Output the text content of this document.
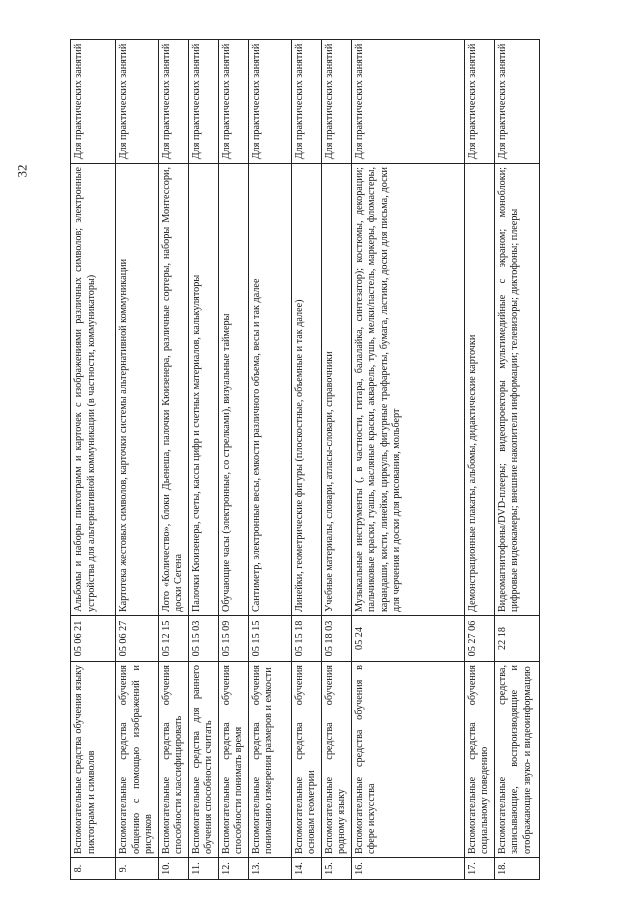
32
8.	Вспомогательные средства обучения языку пиктограмм и символов	05 06 21	Альбомы и наборы пиктограмм и карточек с изображениями различных символов; электронные устройства для альтернативной коммуникации (в частности, коммуникаторы)	Для практических занятий
9.	Вспомогательные средства обучения общению с помощью изображений и рисунков	05 06 27	Картотека жестовых символов, карточки системы альтернативной коммуникации	Для практических занятий
10.	Вспомогательные средства обучения способности классифицировать	05 12 15	Лото «Количество», блоки Дьенеша, палочки Кюизенера, различные сортеры, наборы Монтессори, доски Сегена	Для практических занятий
11.	Вспомогательные средства для раннего обучения способности считать	05 15 03	Палочки Кюизенера, счеты, кассы цифр и счетных материалов, калькуляторы	Для практических занятий
12.	Вспомогательные средства обучения способности понимать время	05 15 09	Обучающие часы (электронные, со стрелками), визуальные таймеры	Для практических занятий
13.	Вспомогательные средства обучения пониманию измерения размеров и емкости	05 15 15	Сантиметр, электронные весы, емкости различного объема, весы и так далее	Для практических занятий
14.	Вспомогательные средства обучения основам геометрии	05 15 18	Линейки, геометрические фигуры (плоскостные, объемные и так далее)	Для практических занятий
15.	Вспомогательные средства обучения родному языку	05 18 03	Учебные материалы, словари, атласы-словари, справочники	Для практических занятий
16.	Вспомогательные средства обучения в сфере искусства	05 24	Музыкальные инструменты (, в частности, гитара, балалайка, синтезатор); костюмы, декорации; пальчиковые краски, гуашь, масляные краски, акварель, тушь, мелки/пастель, маркеры, фломастеры, карандаши, кисти, линейки, циркуль, фигурные трафареты, бумага, ластики, доски для письма, доски для черчения и доски для рисования, мольберт	Для практических занятий
17.	Вспомогательные средства обучения социальному поведению	05 27 06	Демонстрационные плакаты, альбомы, дидактические карточки	Для практических занятий
18.	Вспомогательные средства, записывающие, воспроизводящие и отображающие звуко- и видеоинформацию	22 18	Видеомагнитофоны/DVD-плееры; видеопроекторы мультимедийные с экраном; моноблоки; цифровые видеокамеры; внешние накопители информации; телевизоры; диктофоны; плееры	Для практических занятий
